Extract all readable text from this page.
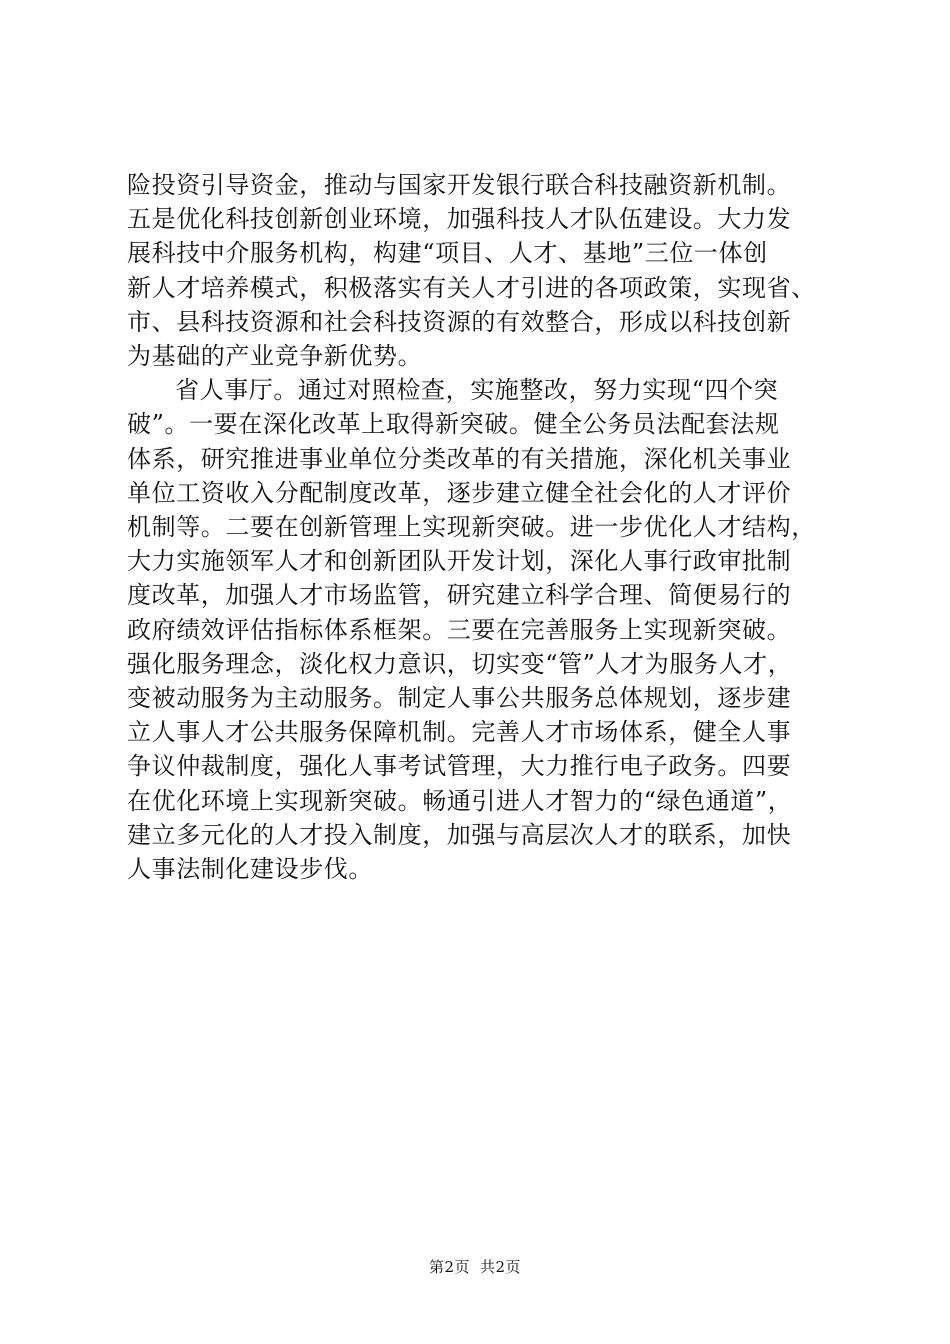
险投资引导资金，推动与国家开发银行联合科技融资新机制。
五是优化科技创新创业环境，加强科技人才队伍建设。大力发
展科技中介服务机构，构建“项目、人才、基地”三位一体创
新人才培养模式，积极落实有关人才引进的各项政策，实现省、
市、县科技资源和社会科技资源的有效整合，形成以科技创新
为基础的产业竞争新优势。
省人事厅。通过对照检查，实施整改，努力实现“四个突
破”。一要在深化改革上取得新突破。健全公务员法配套法规
体系，研究推进事业单位分类改革的有关措施，深化机关事业
单位工资收入分配制度改革，逐步建立健全社会化的人才评价
机制等。二要在创新管理上实现新突破。进一步优化人才结构，
大力实施领军人才和创新团队开发计划，深化人事行政审批制
度改革，加强人才市场监管，研究建立科学合理、简便易行的
政府绩效评估指标体系框架。三要在完善服务上实现新突破。
强化服务理念，淡化权力意识，切实变“管”人才为服务人才，
变被动服务为主动服务。制定人事公共服务总体规划，逐步建
立人事人才公共服务保障机制。完善人才市场体系，健全人事
争议仲裁制度，强化人事考试管理，大力推行电子政务。四要
在优化环境上实现新突破。畅通引进人才智力的“绿色通道”，
建立多元化的人才投入制度，加强与高层次人才的联系，加快
人事法制化建设步伐。
第2页 共2页
